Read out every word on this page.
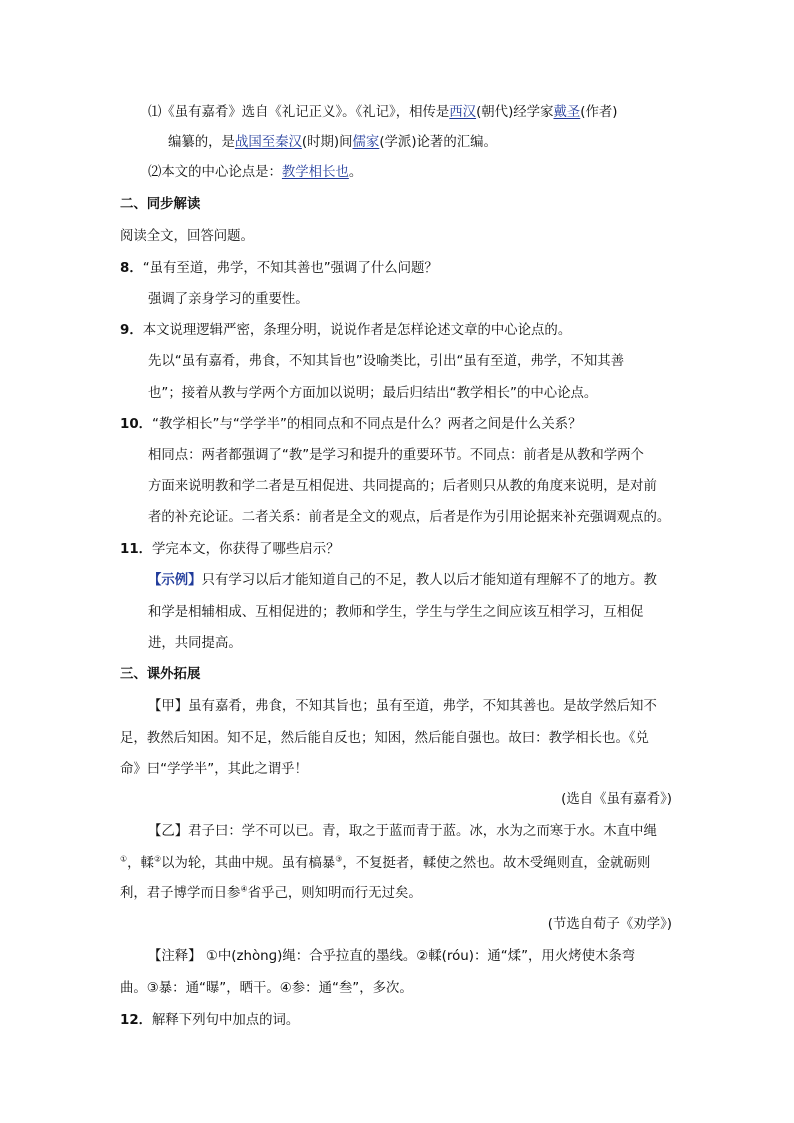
⑴《虽有嘉肴》选自《礼记正义》。《礼记》，相传是西汉(朝代)经学家戴圣(作者)
编纂的，是战国至秦汉(时期)间儒家(学派)论著的汇编。
⑵本文的中心论点是：教学相长也。
二、同步解读
阅读全文，回答问题。
8．“虽有至道，弗学，不知其善也”强调了什么问题？
强调了亲身学习的重要性。
9．本文说理逻辑严密，条理分明，说说作者是怎样论述文章的中心论点的。
先以“虽有嘉肴，弗食，不知其旨也”设喻类比，引出“虽有至道，弗学，不知其善
也”；接着从教与学两个方面加以说明；最后归结出“教学相长”的中心论点。
10．“教学相长”与“学学半”的相同点和不同点是什么？两者之间是什么关系？
相同点：两者都强调了“教”是学习和提升的重要环节。不同点：前者是从教和学两个
方面来说明教和学二者是互相促进、共同提高的；后者则只从教的角度来说明，是对前
者的补充论证。二者关系：前者是全文的观点，后者是作为引用论据来补充强调观点的。
11．学完本文，你获得了哪些启示？
【示例】只有学习以后才能知道自己的不足，教人以后才能知道有理解不了的地方。教
和学是相辅相成、互相促进的；教师和学生，学生与学生之间应该互相学习，互相促
进，共同提高。
三、课外拓展
【甲】虽有嘉肴，弗食，不知其旨也；虽有至道，弗学，不知其善也。是故学然后知不
足，教然后知困。知不足，然后能自反也；知困，然后能自强也。故曰：教学相长也。《兑
命》曰“学学半”，其此之谓乎！
(选自《虽有嘉肴》)
【乙】君子曰：学不可以已。青，取之于蓝而青于蓝。冰，水为之而寒于水。木直中绳
①，輮②以为轮，其曲中规。虽有槁暴③，不复挺者，輮使之然也。故木受绳则直，金就砺则
利，君子博学而日参④省乎己，则知明而行无过矣。
(节选自荀子《劝学》)
【注释】 ①中(zhònɡ)绳：合乎拉直的墨线。②輮(róu)：通“煣”，用火烤使木条弯
曲。③暴：通“曝”，晒干。④参：通“叁”，多次。
12．解释下列句中加点的词。
